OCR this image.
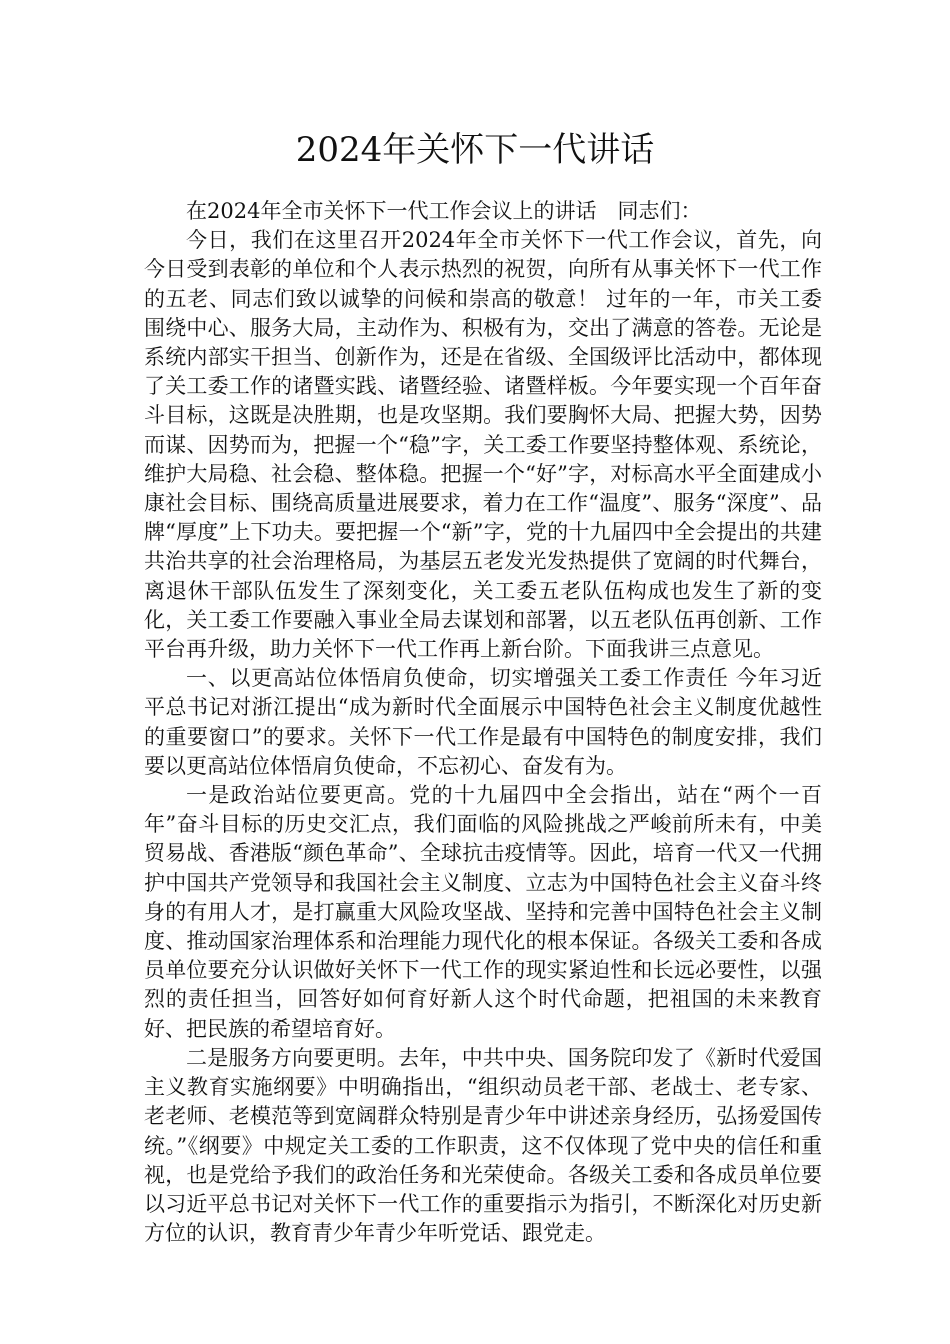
2024年关怀下一代讲话

在2024年全市关怀下一代工作会议上的讲话　同志们：

今日，我们在这里召开2024年全市关怀下一代工作会议，首先，向今日受到表彰的单位和个人表示热烈的祝贺，向所有从事关怀下一代工作的五老、同志们致以诚挚的问候和崇高的敬意！ 过年的一年，市关工委围绕中心、服务大局，主动作为、积极有为，交出了满意的答卷。无论是系统内部实干担当、创新作为，还是在省级、全国级评比活动中，都体现了关工委工作的诸暨实践、诸暨经验、诸暨样板。今年要实现一个百年奋斗目标，这既是决胜期，也是攻坚期。我们要胸怀大局、把握大势，因势而谋、因势而为，把握一个“稳”字，关工委工作要坚持整体观、系统论，维护大局稳、社会稳、整体稳。把握一个“好”字，对标高水平全面建成小康社会目标、围绕高质量进展要求，着力在工作“温度”、服务“深度”、品牌“厚度”上下功夫。要把握一个“新”字，党的十九届四中全会提出的共建共治共享的社会治理格局，为基层五老发光发热提供了宽阔的时代舞台，离退休干部队伍发生了深刻变化，关工委五老队伍构成也发生了新的变化，关工委工作要融入事业全局去谋划和部署，以五老队伍再创新、工作平台再升级，助力关怀下一代工作再上新台阶。下面我讲三点意见。

一、以更高站位体悟肩负使命，切实增强关工委工作责任 今年习近平总书记对浙江提出“成为新时代全面展示中国特色社会主义制度优越性的重要窗口”的要求。关怀下一代工作是最有中国特色的制度安排，我们要以更高站位体悟肩负使命，不忘初心、奋发有为。

一是政治站位要更高。党的十九届四中全会指出，站在“两个一百年”奋斗目标的历史交汇点，我们面临的风险挑战之严峻前所未有，中美贸易战、香港版“颜色革命”、全球抗击疫情等。因此，培育一代又一代拥护中国共产党领导和我国社会主义制度、立志为中国特色社会主义奋斗终身的有用人才，是打赢重大风险攻坚战、坚持和完善中国特色社会主义制度、推动国家治理体系和治理能力现代化的根本保证。各级关工委和各成员单位要充分认识做好关怀下一代工作的现实紧迫性和长远必要性，以强烈的责任担当，回答好如何育好新人这个时代命题，把祖国的未来教育好、把民族的希望培育好。

二是服务方向要更明。去年，中共中央、国务院印发了《新时代爱国主义教育实施纲要》中明确指出，“组织动员老干部、老战士、老专家、老老师、老模范等到宽阔群众特别是青少年中讲述亲身经历，弘扬爱国传统。”《纲要》中规定关工委的工作职责，这不仅体现了党中央的信任和重视，也是党给予我们的政治任务和光荣使命。各级关工委和各成员单位要以习近平总书记对关怀下一代工作的重要指示为指引，不断深化对历史新方位的认识，教育青少年青少年听党话、跟党走。
